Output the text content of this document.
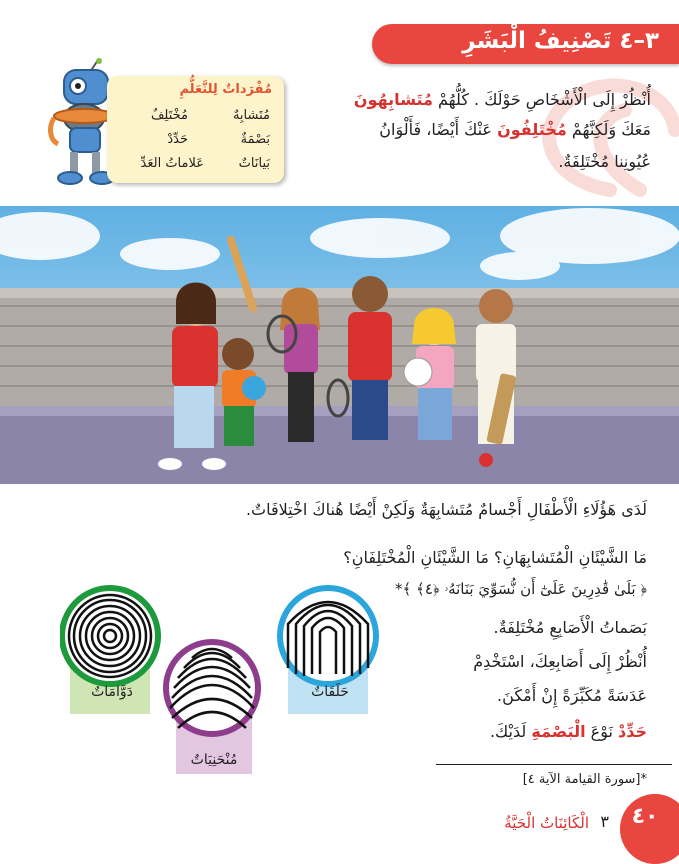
٣–٤ تَصْنِيفُ الْبَشَرِ
مُفْرَداتٌ لِلتَّعَلُّمِ
مُتَشابِهٌ
مُخْتَلِفٌ
بَصْمَةٌ
حَدِّدْ
بَيانَاتٌ
عَلاماتُ العَدِّ
أُنْظُرْ إِلَى الْأَشْخَاصِ حَوْلَكَ . كُلُّهُمْ مُتَشابِهُونَ
مَعَكَ وَلَكِنَّهُمْ مُخْتَلِفُونَ عَنْكَ أَيْضًا، فَأَلْوَانُ
عُيُونِنا مُخْتَلِفَةٌ.
لَدَى هَؤُلَاءِ الْأَطْفَالِ أَجْسامٌ مُتَشابِهَةٌ وَلَكِنْ أَيْضًا هُناكَ اخْتِلافَاتٌ.
مَا الشَّيْئَانِ الْمُتَشابِهَانِ؟ مَا الشَّيْئَانِ الْمُخْتَلِفَانِ؟
﴿ بَلَىٰ قَٰدِرِينَ عَلَىٰٓ أَن نُّسَوِّيَ بَنَانَهُۥ ﴿٤﴾ ﴾*
بَصَماتُ الْأَصَابِعِ مُخْتَلِفَةٌ.
أُنْظُرْ إِلَى أَصَابِعِكَ، اسْتَخْدِمْ
عَدَسَةً مُكَبِّرَةً إِنْ أَمْكَنَ.
حَدِّدْ نَوْعَ الْبَصْمَةِ لَدَيْكَ.
دَوَّامَاتٌ
مُنْحَنِيَاتٌ
حَلَقَاتٌ
*[سورة القيامة الآية ٤]
٤٠
٣
الْكَائِنَاتُ الْحَيَّةُ
